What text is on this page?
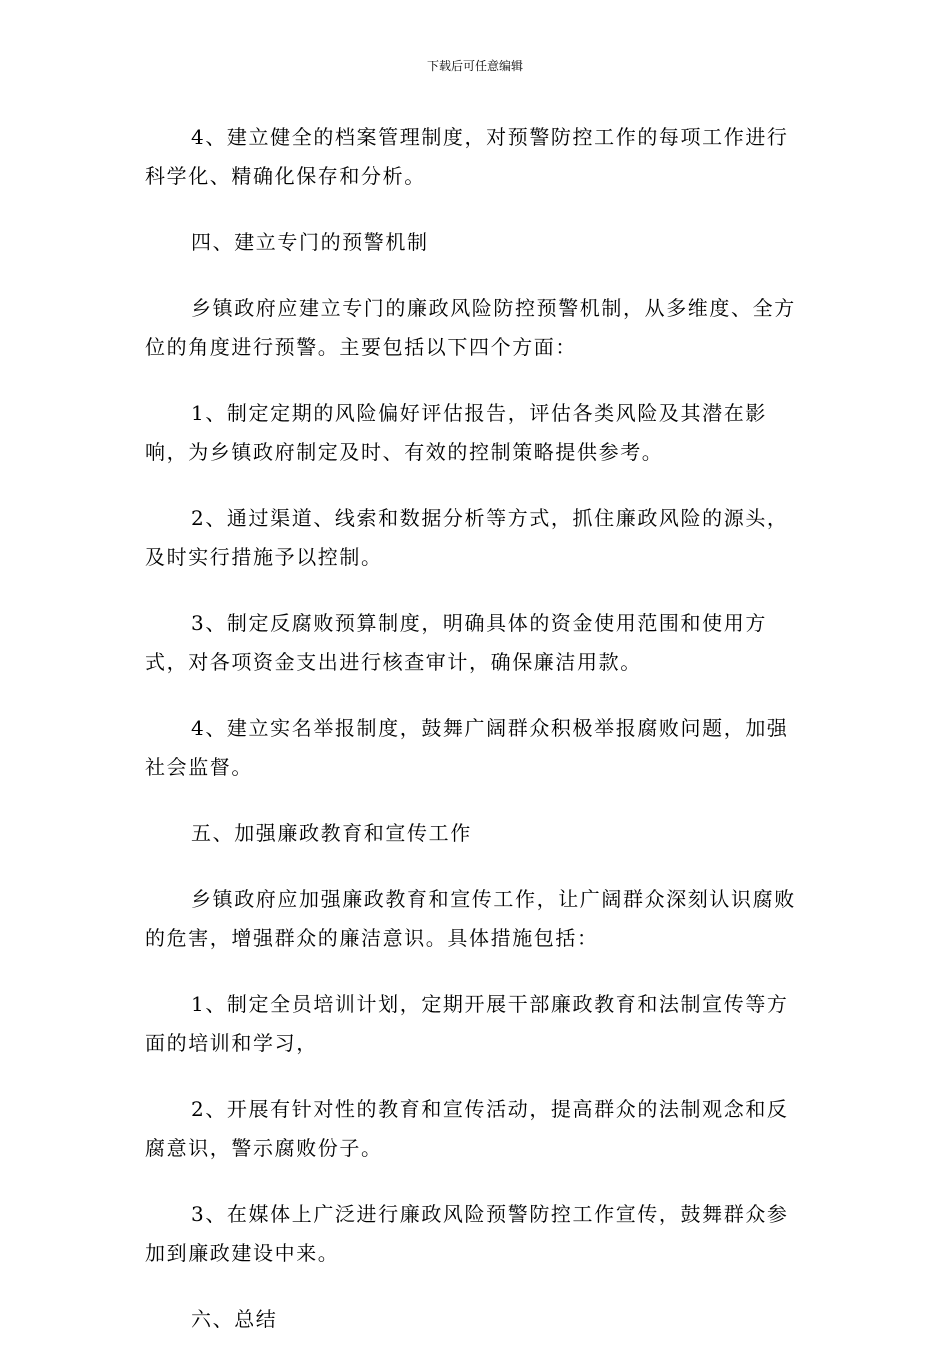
下载后可任意编辑

4、建立健全的档案管理制度，对预警防控工作的每项工作进行科学化、精确化保存和分析。

四、建立专门的预警机制

乡镇政府应建立专门的廉政风险防控预警机制，从多维度、全方位的角度进行预警。主要包括以下四个方面：

1、制定定期的风险偏好评估报告，评估各类风险及其潜在影响，为乡镇政府制定及时、有效的控制策略提供参考。

2、通过渠道、线索和数据分析等方式，抓住廉政风险的源头，及时实行措施予以控制。

3、制定反腐败预算制度，明确具体的资金使用范围和使用方式，对各项资金支出进行核查审计，确保廉洁用款。

4、建立实名举报制度，鼓舞广阔群众积极举报腐败问题，加强社会监督。

五、加强廉政教育和宣传工作

乡镇政府应加强廉政教育和宣传工作，让广阔群众深刻认识腐败的危害，增强群众的廉洁意识。具体措施包括：

1、制定全员培训计划，定期开展干部廉政教育和法制宣传等方面的培训和学习，

2、开展有针对性的教育和宣传活动，提高群众的法制观念和反腐意识，警示腐败份子。

3、在媒体上广泛进行廉政风险预警防控工作宣传，鼓舞群众参加到廉政建设中来。

六、总结
